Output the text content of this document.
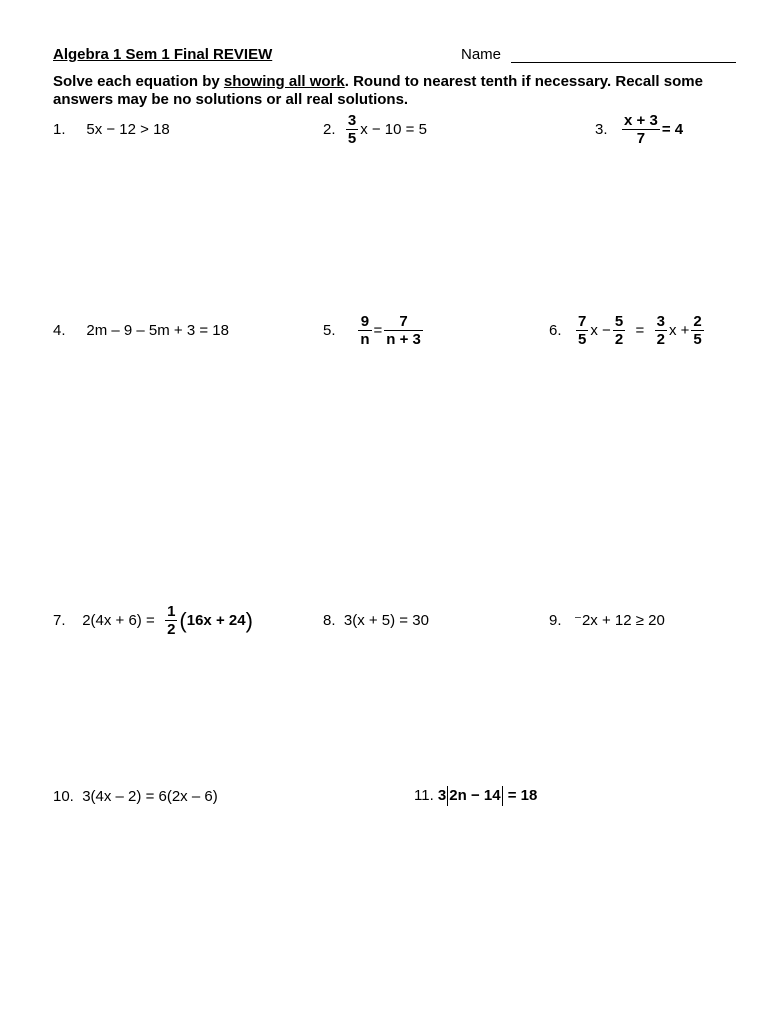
Algebra 1 Sem 1 Final REVIEW	Name
Solve each equation by showing all work. Round to nearest tenth if necessary. Recall some answers may be no solutions or all real solutions.
1. 5x − 12 > 18	2.
$\frac{3}{5}$ x − 10 = 5	3.
$\frac{x + 3}{7} = 4$
4. 2m – 9 – 5m + 3 = 18	5.
$\frac{9}{n} = \frac{7}{n + 3}$	6.
$\frac{7}{5}$ $x - \frac{5}{2}$
=
$\frac{3}{2}$ $x + \frac{2}{5}$
7.
2(4x + 6) =
$\frac{1}{2}$ ( 16x + 24 )	8. 3(x + 5) = 30	9. ⁻2x + 12 ≥ 20
10. 3(4x – 2) = 6(2x – 6)	11.
3 2n − 14
= 18
